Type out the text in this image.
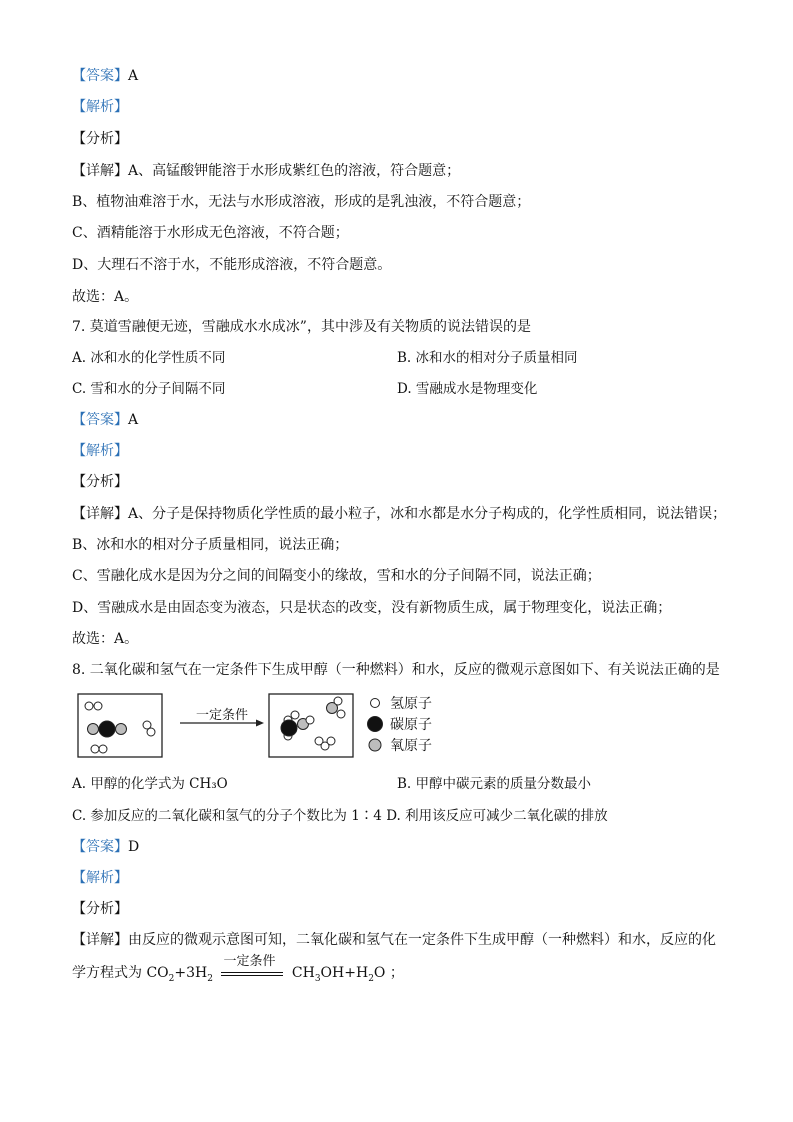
【答案】A
【解析】
【分析】
【详解】A、高锰酸钾能溶于水形成紫红色的溶液，符合题意；
B、植物油难溶于水，无法与水形成溶液，形成的是乳浊液，不符合题意；
C、酒精能溶于水形成无色溶液，不符合题；
D、大理石不溶于水，不能形成溶液，不符合题意。
故选：A。
7. 莫道雪融便无迹，雪融成水水成冰”，其中涉及有关物质的说法错误的是
A. 冰和水的化学性质不同	B. 冰和水的相对分子质量相同
C. 雪和水的分子间隔不同	D. 雪融成水是物理变化
【答案】A
【解析】
【分析】
【详解】A、分子是保持物质化学性质的最小粒子，冰和水都是水分子构成的，化学性质相同，说法错误；
B、冰和水的相对分子质量相同，说法正确；
C、雪融化成水是因为分之间的间隔变小的缘故，雪和水的分子间隔不同，说法正确；
D、雪融成水是由固态变为液态，只是状态的改变，没有新物质生成，属于物理变化，说法正确；
故选：A。
8. 二氧化碳和氢气在一定条件下生成甲醇（一种燃料）和水，反应的微观示意图如下、有关说法正确的是
一定条件
氢原子
碳原子
氧原子
A. 甲醇的化学式为 CH₃O	B. 甲醇中碳元素的质量分数最小
C. 参加反应的二氧化碳和氢气的分子个数比为 1∶4 D. 利用该反应可减少二氧化碳的排放
【答案】D
【解析】
【分析】
【详解】由反应的微观示意图可知，二氧化碳和氢气在一定条件下生成甲醇（一种燃料）和水，反应的化
学方程式为 $CO_2+3H_2$
一定条件
$CH_3OH+H_2O$ ；
